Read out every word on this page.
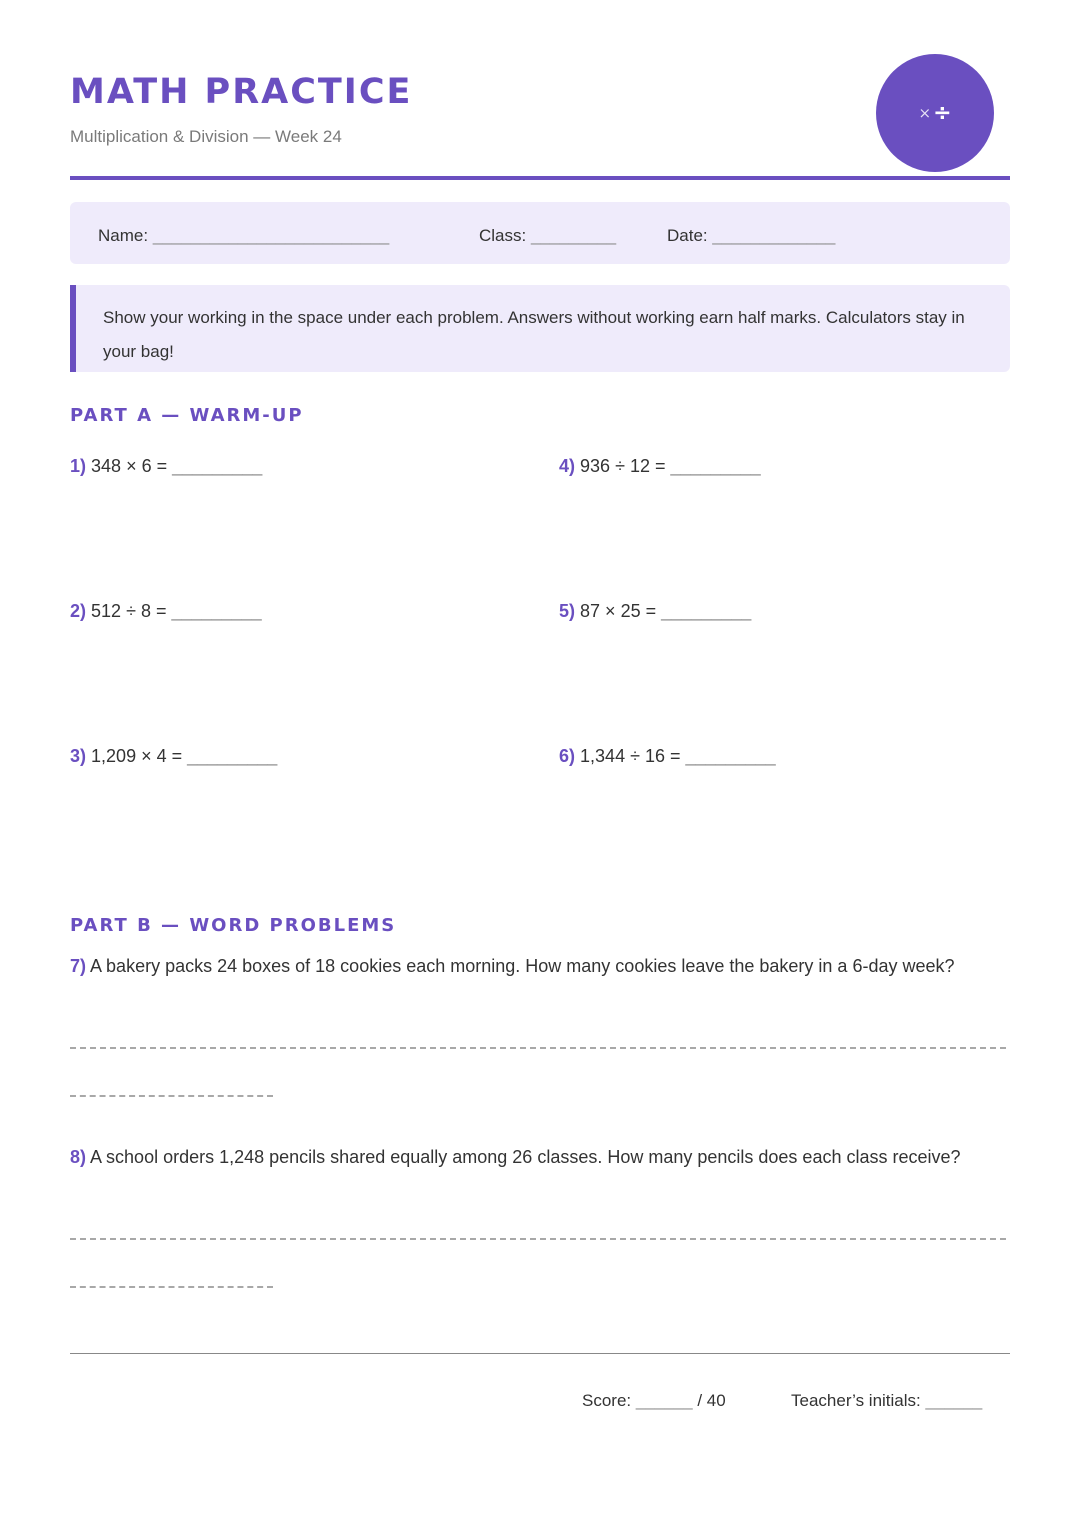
MATH PRACTICE
Multiplication & Division — Week 24
× ÷
Name: _________________________	Class: _________	Date: _____________

Show your working in the space under each problem. Answers without working earn half marks. Calculators stay in your bag!

PART A — WARM-UP
1) 348 × 6 = _________
2) 512 ÷ 8 = _________
3) 1,209 × 4 = _________
4) 936 ÷ 12 = _________
5) 87 × 25 = _________
6) 1,344 ÷ 16 = _________
PART B — WORD PROBLEMS
7) A bakery packs 24 boxes of 18 cookies each morning. How many cookies leave the bakery in a 6-day week?
8) A school orders 1,248 pencils shared equally among 26 classes. How many pencils does each class receive?
Score: ______ / 40	Teacher’s initials: ______
